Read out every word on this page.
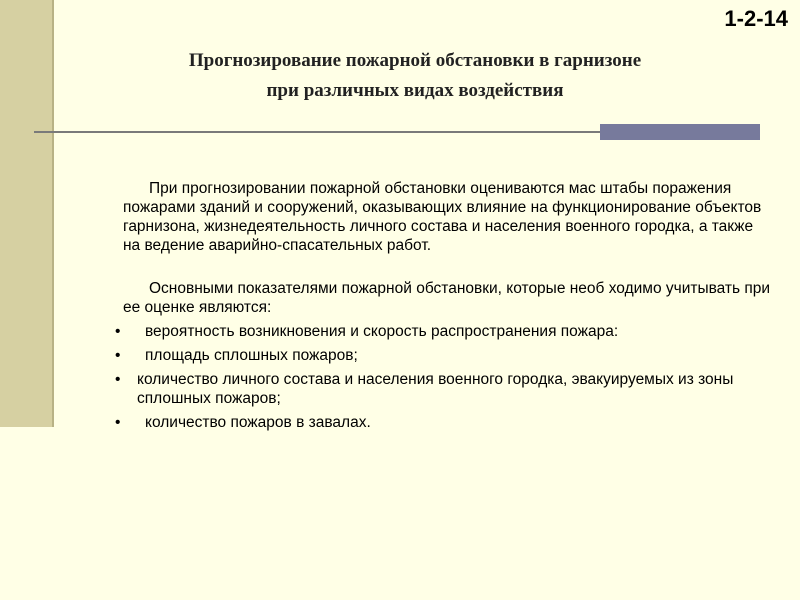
1-2-14
Прогнозирование пожарной обстановки в гарнизоне
при различных видах воздействия

При прогнозировании пожарной обстановки оцениваются мас штабы поражения пожарами зданий и сооружений, оказывающих влияние на функционирование объектов гарнизона, жизнедеятельность личного состава и населения военного городка, а также на ведение аварийно-спасательных работ.

Основными показателями пожарной обстановки, которые необ ходимо учитывать при ее оценке являются:

• вероятность возникновения и скорость распространения пожара:
• площадь сплошных пожаров;
• количество личного состава и населения военного городка, эвакуируемых из зоны сплошных пожаров;
• количество пожаров в завалах.
